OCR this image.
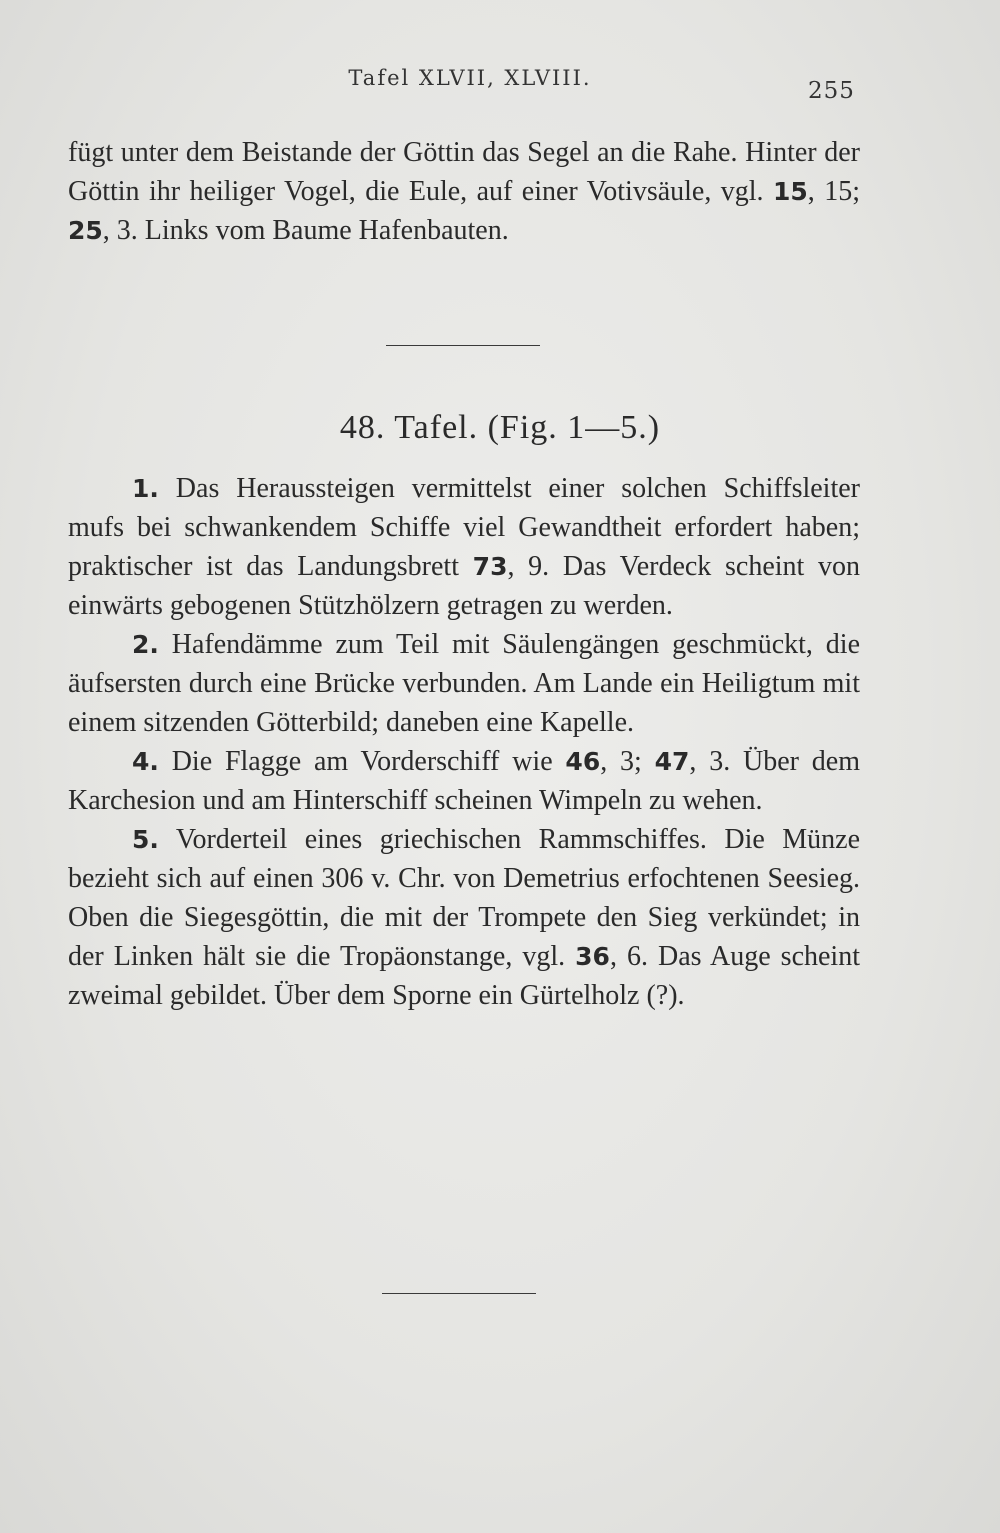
Tafel XLVII, XLVIII.	255

fügt unter dem Beistande der Göttin das Segel an die Rahe. Hinter der Göttin ihr heiliger Vogel, die Eule, auf einer Votivsäule, vgl. 15, 15; 25, 3. Links vom Baume Hafenbauten.

48. Tafel. (Fig. 1—5.)

1. Das Heraussteigen vermittelst einer solchen Schiffsleiter mufs bei schwankendem Schiffe viel Gewandtheit erfordert haben; praktischer ist das Landungsbrett 73, 9. Das Verdeck scheint von einwärts gebogenen Stützhölzern getragen zu werden.

2. Hafendämme zum Teil mit Säulengängen geschmückt, die äufsersten durch eine Brücke verbunden. Am Lande ein Heiligtum mit einem sitzenden Götterbild; daneben eine Kapelle.

4. Die Flagge am Vorderschiff wie 46, 3; 47, 3. Über dem Karchesion und am Hinterschiff scheinen Wimpeln zu wehen.

5. Vorderteil eines griechischen Rammschiffes. Die Münze bezieht sich auf einen 306 v. Chr. von Demetrius erfochtenen Seesieg. Oben die Siegesgöttin, die mit der Trompete den Sieg verkündet; in der Linken hält sie die Tropäonstange, vgl. 36, 6. Das Auge scheint zweimal gebildet. Über dem Sporne ein Gürtelholz (?).
